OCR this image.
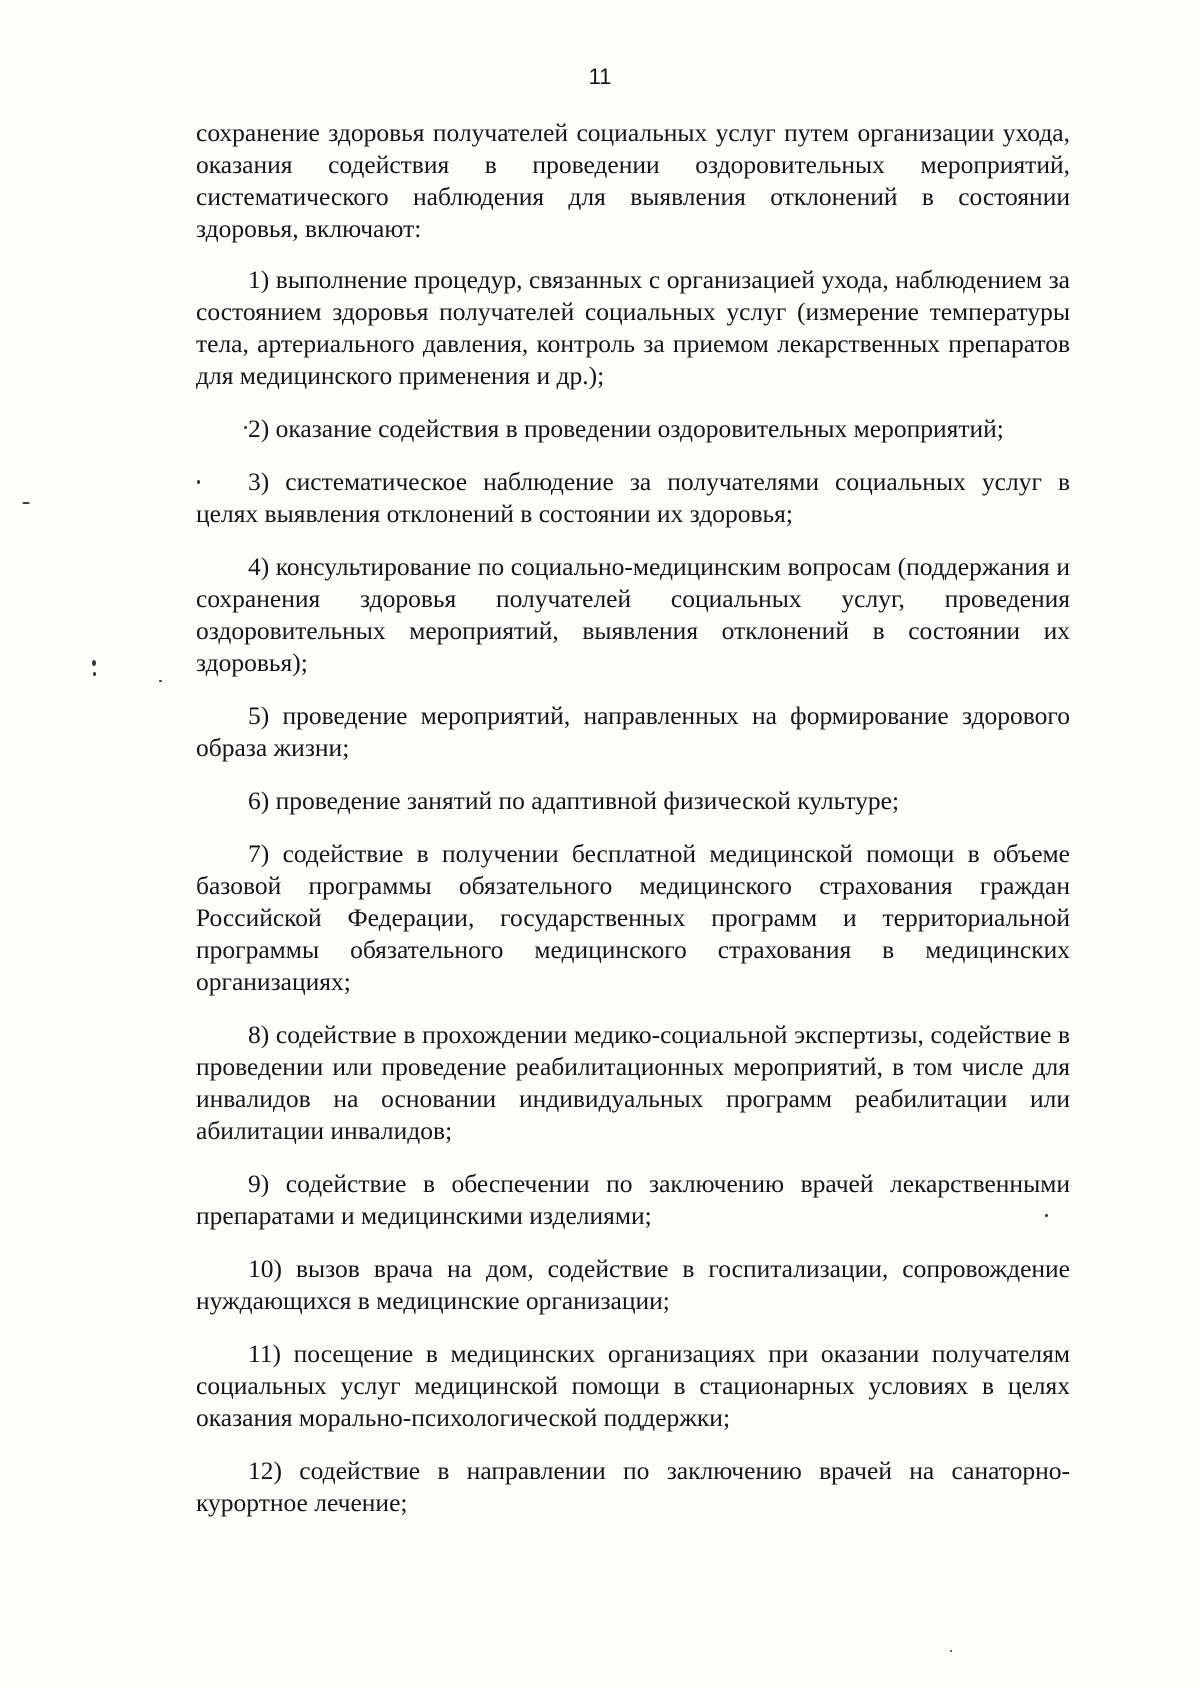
11

сохранение здоровья получателей социальных услуг путем организации ухода, оказания содействия в проведении оздоровительных мероприятий, систематического наблюдения для выявления отклонений в состоянии здоровья, включают:

1) выполнение процедур, связанных с организацией ухода, наблюдением за состоянием здоровья получателей социальных услуг (измерение температуры тела, артериального давления, контроль за приемом лекарственных препаратов для медицинского применения и др.);

2) оказание содействия в проведении оздоровительных мероприятий;

3) систематическое наблюдение за получателями социальных услуг в целях выявления отклонений в состоянии их здоровья;

4) консультирование по социально-медицинским вопросам (поддержания и сохранения здоровья получателей социальных услуг, проведения оздоровительных мероприятий, выявления отклонений в состоянии их здоровья);

5) проведение мероприятий, направленных на формирование здорового образа жизни;

6) проведение занятий по адаптивной физической культуре;

7) содействие в получении бесплатной медицинской помощи в объеме базовой программы обязательного медицинского страхования граждан Российской Федерации, государственных программ и территориальной программы обязательного медицинского страхования в медицинских организациях;

8) содействие в прохождении медико-социальной экспертизы, содействие в проведении или проведение реабилитационных мероприятий, в том числе для инвалидов на основании индивидуальных программ реабилитации или абилитации инвалидов;

9) содействие в обеспечении по заключению врачей лекарственными препаратами и медицинскими изделиями;

10) вызов врача на дом, содействие в госпитализации, сопровождение нуждающихся в медицинские организации;

11) посещение в медицинских организациях при оказании получателям социальных услуг медицинской помощи в стационарных условиях в целях оказания морально-психологической поддержки;

12) содействие в направлении по заключению врачей на санаторно-курортное лечение;
